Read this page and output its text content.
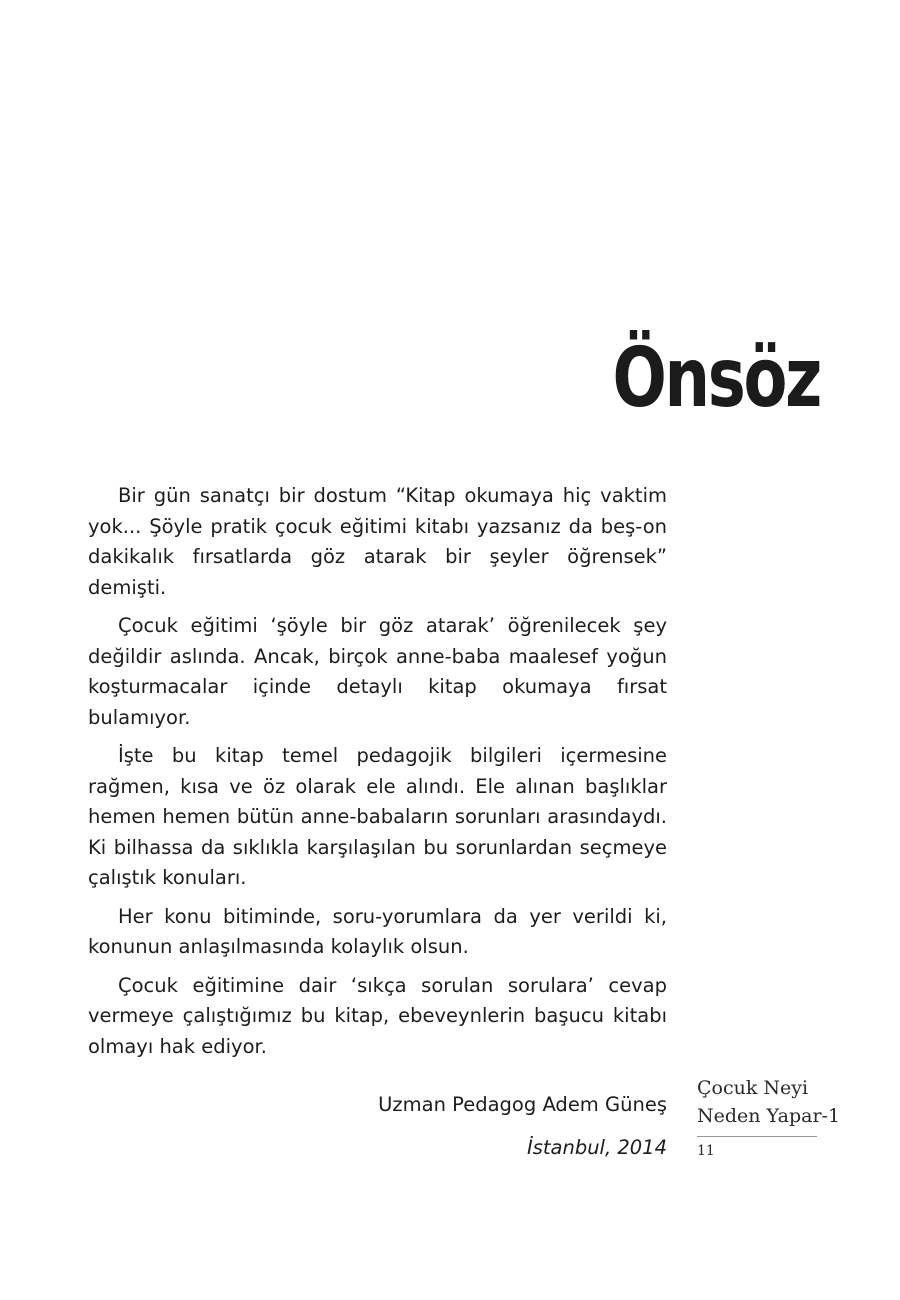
Önsöz

Bir gün sanatçı bir dostum “Kitap okumaya hiç vaktim yok... Şöyle pratik çocuk eğitimi kitabı yazsanız da beş-on dakikalık fırsatlarda göz atarak bir şeyler öğrensek” demişti.

Çocuk eğitimi ‘şöyle bir göz atarak’ öğrenilecek şey değildir aslında. Ancak, birçok anne-baba maalesef yoğun koşturmacalar içinde detaylı kitap okumaya fırsat bulamıyor.

İşte bu kitap temel pedagojik bilgileri içermesine rağmen, kısa ve öz olarak ele alındı. Ele alınan başlıklar hemen hemen bütün anne-babaların sorunları arasındaydı. Ki bilhassa da sıklıkla karşılaşılan bu sorunlardan seçmeye çalıştık konuları.

Her konu bitiminde, soru-yorumlara da yer verildi ki, konunun anlaşılmasında kolaylık olsun.

Çocuk eğitimine dair ‘sıkça sorulan sorulara’ cevap vermeye çalıştığımız bu kitap, ebeveynlerin başucu kitabı olmayı hak ediyor.

Uzman Pedagog Adem Güneş

İstanbul, 2014

Çocuk Neyi
Neden Yapar-1
11
